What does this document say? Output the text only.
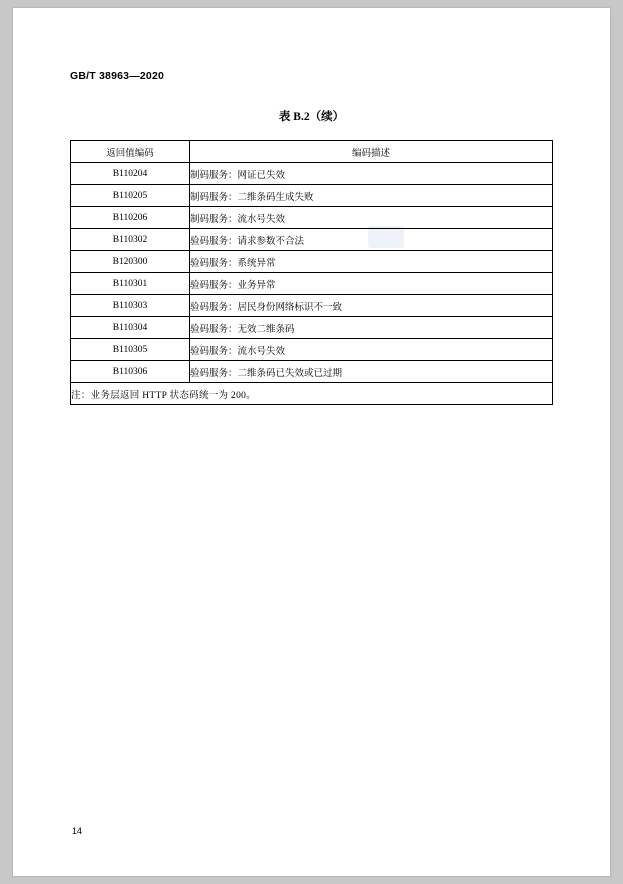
GB/T 38963—2020
表 B.2（续）
返回值编码	编码描述
B110204	制码服务：网证已失效
B110205	制码服务：二维条码生成失败
B110206	制码服务：流水号失效
B110302	验码服务：请求参数不合法
B120300	验码服务：系统异常
B110301	验码服务：业务异常
B110303	验码服务：居民身份网络标识不一致
B110304	验码服务：无效二维条码
B110305	验码服务：流水号失效
B110306	验码服务：二维条码已失效或已过期
注：业务层返回 HTTP 状态码统一为 200。	
14
